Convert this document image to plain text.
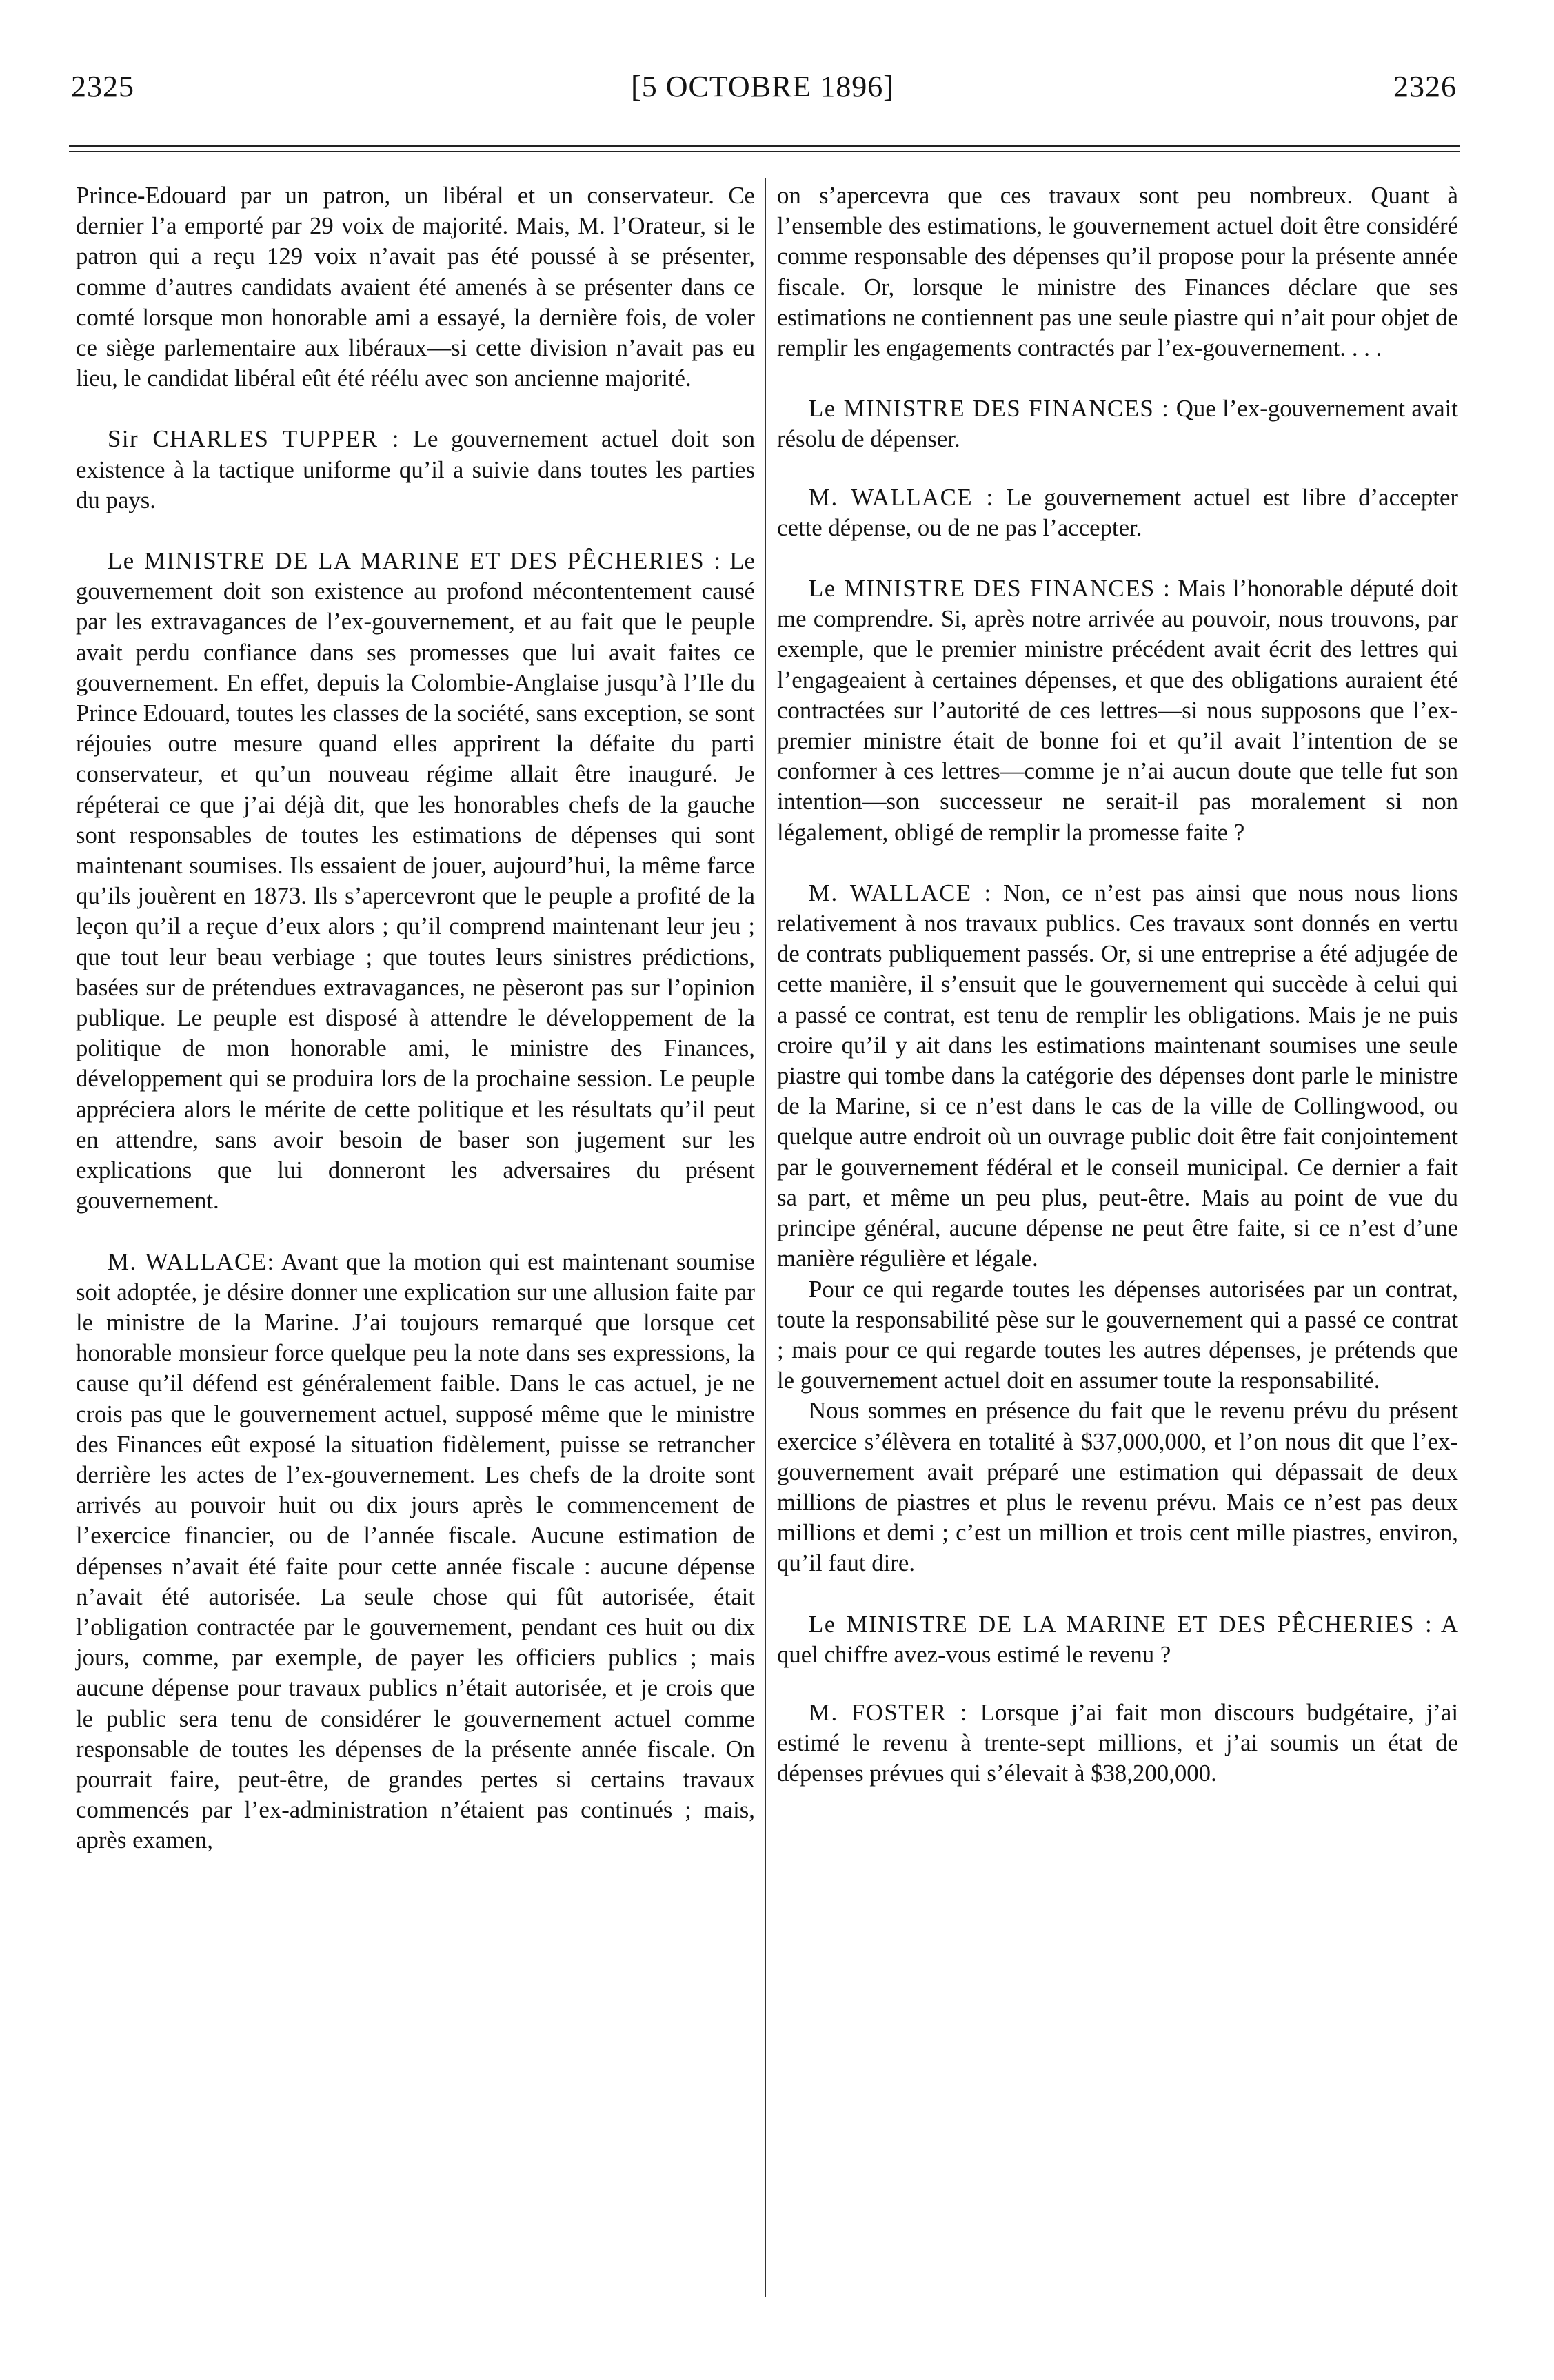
2325	[5 OCTOBRE 1896]	2326

Prince-Edouard par un patron, un libéral et un conservateur. Ce dernier l’a emporté par 29 voix de majorité. Mais, M. l’Orateur, si le patron qui a reçu 129 voix n’avait pas été poussé à se présenter, comme d’autres candidats avaient été amenés à se présenter dans ce comté lorsque mon honorable ami a essayé, la dernière fois, de voler ce siège parlementaire aux libéraux—si cette division n’avait pas eu lieu, le candidat libéral eût été réélu avec son ancienne majorité.

Sir CHARLES TUPPER : Le gouvernement actuel doit son existence à la tactique uniforme qu’il a suivie dans toutes les parties du pays.

Le MINISTRE DE LA MARINE ET DES PÊCHERIES : Le gouvernement doit son existence au profond mécontentement causé par les extravagances de l’ex-gouvernement, et au fait que le peuple avait perdu confiance dans ses promesses que lui avait faites ce gouvernement. En effet, depuis la Colombie-Anglaise jusqu’à l’Ile du Prince Edouard, toutes les classes de la société, sans exception, se sont réjouies outre mesure quand elles apprirent la défaite du parti conservateur, et qu’un nouveau régime allait être inauguré. Je répéterai ce que j’ai déjà dit, que les honorables chefs de la gauche sont responsables de toutes les estimations de dépenses qui sont maintenant soumises. Ils essaient de jouer, aujourd’hui, la même farce qu’ils jouèrent en 1873. Ils s’apercevront que le peuple a profité de la leçon qu’il a reçue d’eux alors ; qu’il comprend maintenant leur jeu ; que tout leur beau verbiage ; que toutes leurs sinistres prédictions, basées sur de prétendues extravagances, ne pèseront pas sur l’opinion publique. Le peuple est disposé à attendre le développement de la politique de mon honorable ami, le ministre des Finances, développement qui se produira lors de la prochaine session. Le peuple appréciera alors le mérite de cette politique et les résultats qu’il peut en attendre, sans avoir besoin de baser son jugement sur les explications que lui donneront les adversaires du présent gouvernement.

M. WALLACE: Avant que la motion qui est maintenant soumise soit adoptée, je désire donner une explication sur une allusion faite par le ministre de la Marine. J’ai toujours remarqué que lorsque cet honorable monsieur force quelque peu la note dans ses expressions, la cause qu’il défend est généralement faible. Dans le cas actuel, je ne crois pas que le gouvernement actuel, supposé même que le ministre des Finances eût exposé la situation fidèlement, puisse se retrancher derrière les actes de l’ex-gouvernement. Les chefs de la droite sont arrivés au pouvoir huit ou dix jours après le commencement de l’exercice financier, ou de l’année fiscale. Aucune estimation de dépenses n’avait été faite pour cette année fiscale : aucune dépense n’avait été autorisée. La seule chose qui fût autorisée, était l’obligation contractée par le gouvernement, pendant ces huit ou dix jours, comme, par exemple, de payer les officiers publics ; mais aucune dépense pour travaux publics n’était autorisée, et je crois que le public sera tenu de considérer le gouvernement actuel comme responsable de toutes les dépenses de la présente année fiscale. On pourrait faire, peut-être, de grandes pertes si certains travaux commencés par l’ex-administration n’étaient pas continués ; mais, après examen,

on s’apercevra que ces travaux sont peu nombreux. Quant à l’ensemble des estimations, le gouvernement actuel doit être considéré comme responsable des dépenses qu’il propose pour la présente année fiscale. Or, lorsque le ministre des Finances déclare que ses estimations ne contiennent pas une seule piastre qui n’ait pour objet de remplir les engagements contractés par l’ex-gouvernement. . . .

Le MINISTRE DES FINANCES : Que l’ex-gouvernement avait résolu de dépenser.

M. WALLACE : Le gouvernement actuel est libre d’accepter cette dépense, ou de ne pas l’accepter.

Le MINISTRE DES FINANCES : Mais l’honorable député doit me comprendre. Si, après notre arrivée au pouvoir, nous trouvons, par exemple, que le premier ministre précédent avait écrit des lettres qui l’engageaient à certaines dépenses, et que des obligations auraient été contractées sur l’autorité de ces lettres—si nous supposons que l’ex-premier ministre était de bonne foi et qu’il avait l’intention de se conformer à ces lettres—comme je n’ai aucun doute que telle fut son intention—son successeur ne serait-il pas moralement si non légalement, obligé de remplir la promesse faite ?

M. WALLACE : Non, ce n’est pas ainsi que nous nous lions relativement à nos travaux publics. Ces travaux sont donnés en vertu de contrats publiquement passés. Or, si une entreprise a été adjugée de cette manière, il s’ensuit que le gouvernement qui succède à celui qui a passé ce contrat, est tenu de remplir les obligations. Mais je ne puis croire qu’il y ait dans les estimations maintenant soumises une seule piastre qui tombe dans la catégorie des dépenses dont parle le ministre de la Marine, si ce n’est dans le cas de la ville de Collingwood, ou quelque autre endroit où un ouvrage public doit être fait conjointement par le gouvernement fédéral et le conseil municipal. Ce dernier a fait sa part, et même un peu plus, peut-être. Mais au point de vue du principe général, aucune dépense ne peut être faite, si ce n’est d’une manière régulière et légale.

Pour ce qui regarde toutes les dépenses autorisées par un contrat, toute la responsabilité pèse sur le gouvernement qui a passé ce contrat ; mais pour ce qui regarde toutes les autres dépenses, je prétends que le gouvernement actuel doit en assumer toute la responsabilité.

Nous sommes en présence du fait que le revenu prévu du présent exercice s’élèvera en totalité à $37,000,000, et l’on nous dit que l’ex-gouvernement avait préparé une estimation qui dépassait de deux millions de piastres et plus le revenu prévu. Mais ce n’est pas deux millions et demi ; c’est un million et trois cent mille piastres, environ, qu’il faut dire.

Le MINISTRE DE LA MARINE ET DES PÊCHERIES : A quel chiffre avez-vous estimé le revenu ?

M. FOSTER : Lorsque j’ai fait mon discours budgétaire, j’ai estimé le revenu à trente-sept millions, et j’ai soumis un état de dépenses prévues qui s’élevait à $38,200,000.
